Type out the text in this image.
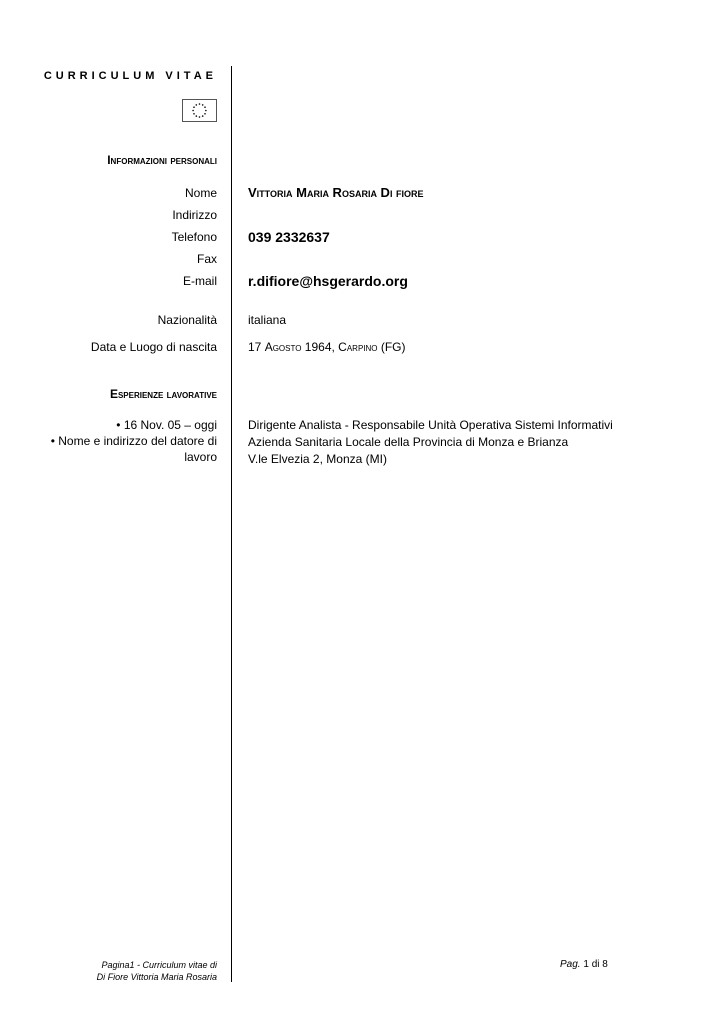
CURRICULUM VITAE
Informazioni personali
Nome Vittoria Maria Rosaria Di fiore
Indirizzo
Telefono 039 2332637
Fax
E-mail r.difiore@hsgerardo.org
Nazionalità	italiana
Data e Luogo di nascita	17 Agosto 1964, Carpino (FG)
Esperienze lavorative
• 16 Nov. 05 – oggi
• Nome e indirizzo del datore di
lavoro
Dirigente Analista - Responsabile Unità Operativa Sistemi Informativi
Azienda Sanitaria Locale della Provincia di Monza e Brianza
V.le Elvezia 2, Monza (MI)
Pagina1 - Curriculum vitae di
Di Fiore Vittoria Maria Rosaria
Pag. 1 di 8
